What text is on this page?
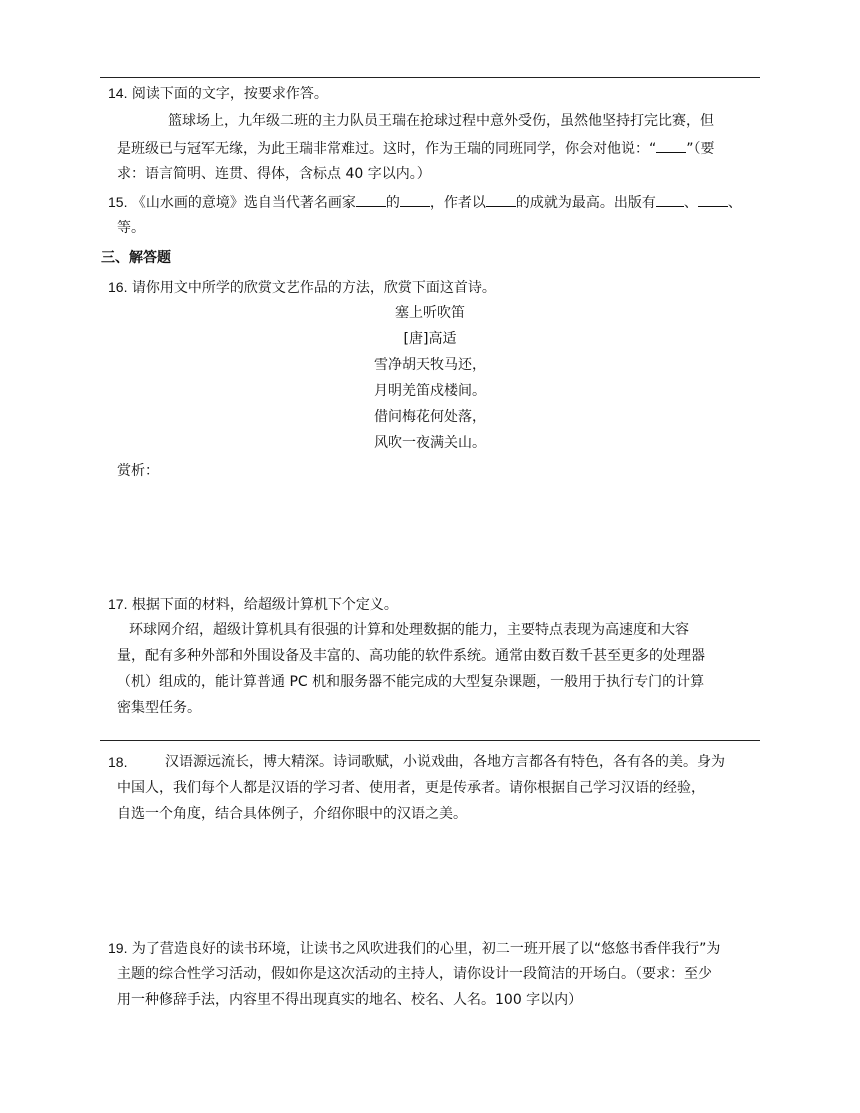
14. 阅读下面的文字，按要求作答。
篮球场上，九年级二班的主力队员王瑞在抢球过程中意外受伤，虽然他坚持打完比赛，但
是班级已与冠军无缘，为此王瑞非常难过。这时，作为王瑞的同班同学，你会对他说：“ ”（要
求：语言简明、连贯、得体，含标点 40 字以内。）
15. 《山水画的意境》选自当代著名画家 的 ，作者以 的成就为最高。出版有 、 、
等。
三、解答题
16. 请你用文中所学的欣赏文艺作品的方法，欣赏下面这首诗。
塞上听吹笛
[唐]高适
雪净胡天牧马还，
月明羌笛戍楼间。
借问梅花何处落，
风吹一夜满关山。
赏析：
17. 根据下面的材料，给超级计算机下个定义。
环球网介绍，超级计算机具有很强的计算和处理数据的能力，主要特点表现为高速度和大容
量，配有多种外部和外围设备及丰富的、高功能的软件系统。通常由数百数千甚至更多的处理器
（机）组成的，能计算普通 PC 机和服务器不能完成的大型复杂课题，一般用于执行专门的计算
密集型任务。
18.	汉语源远流长，博大精深。诗词歌赋，小说戏曲，各地方言都各有特色，各有各的美。身为
中国人，我们每个人都是汉语的学习者、使用者，更是传承者。请你根据自己学习汉语的经验，
自选一个角度，结合具体例子，介绍你眼中的汉语之美。
19. 为了营造良好的读书环境，让读书之风吹进我们的心里，初二一班开展了以“悠悠书香伴我行”为
主题的综合性学习活动，假如你是这次活动的主持人，请你设计一段简洁的开场白。（要求：至少
用一种修辞手法，内容里不得出现真实的地名、校名、人名。100 字以内）
